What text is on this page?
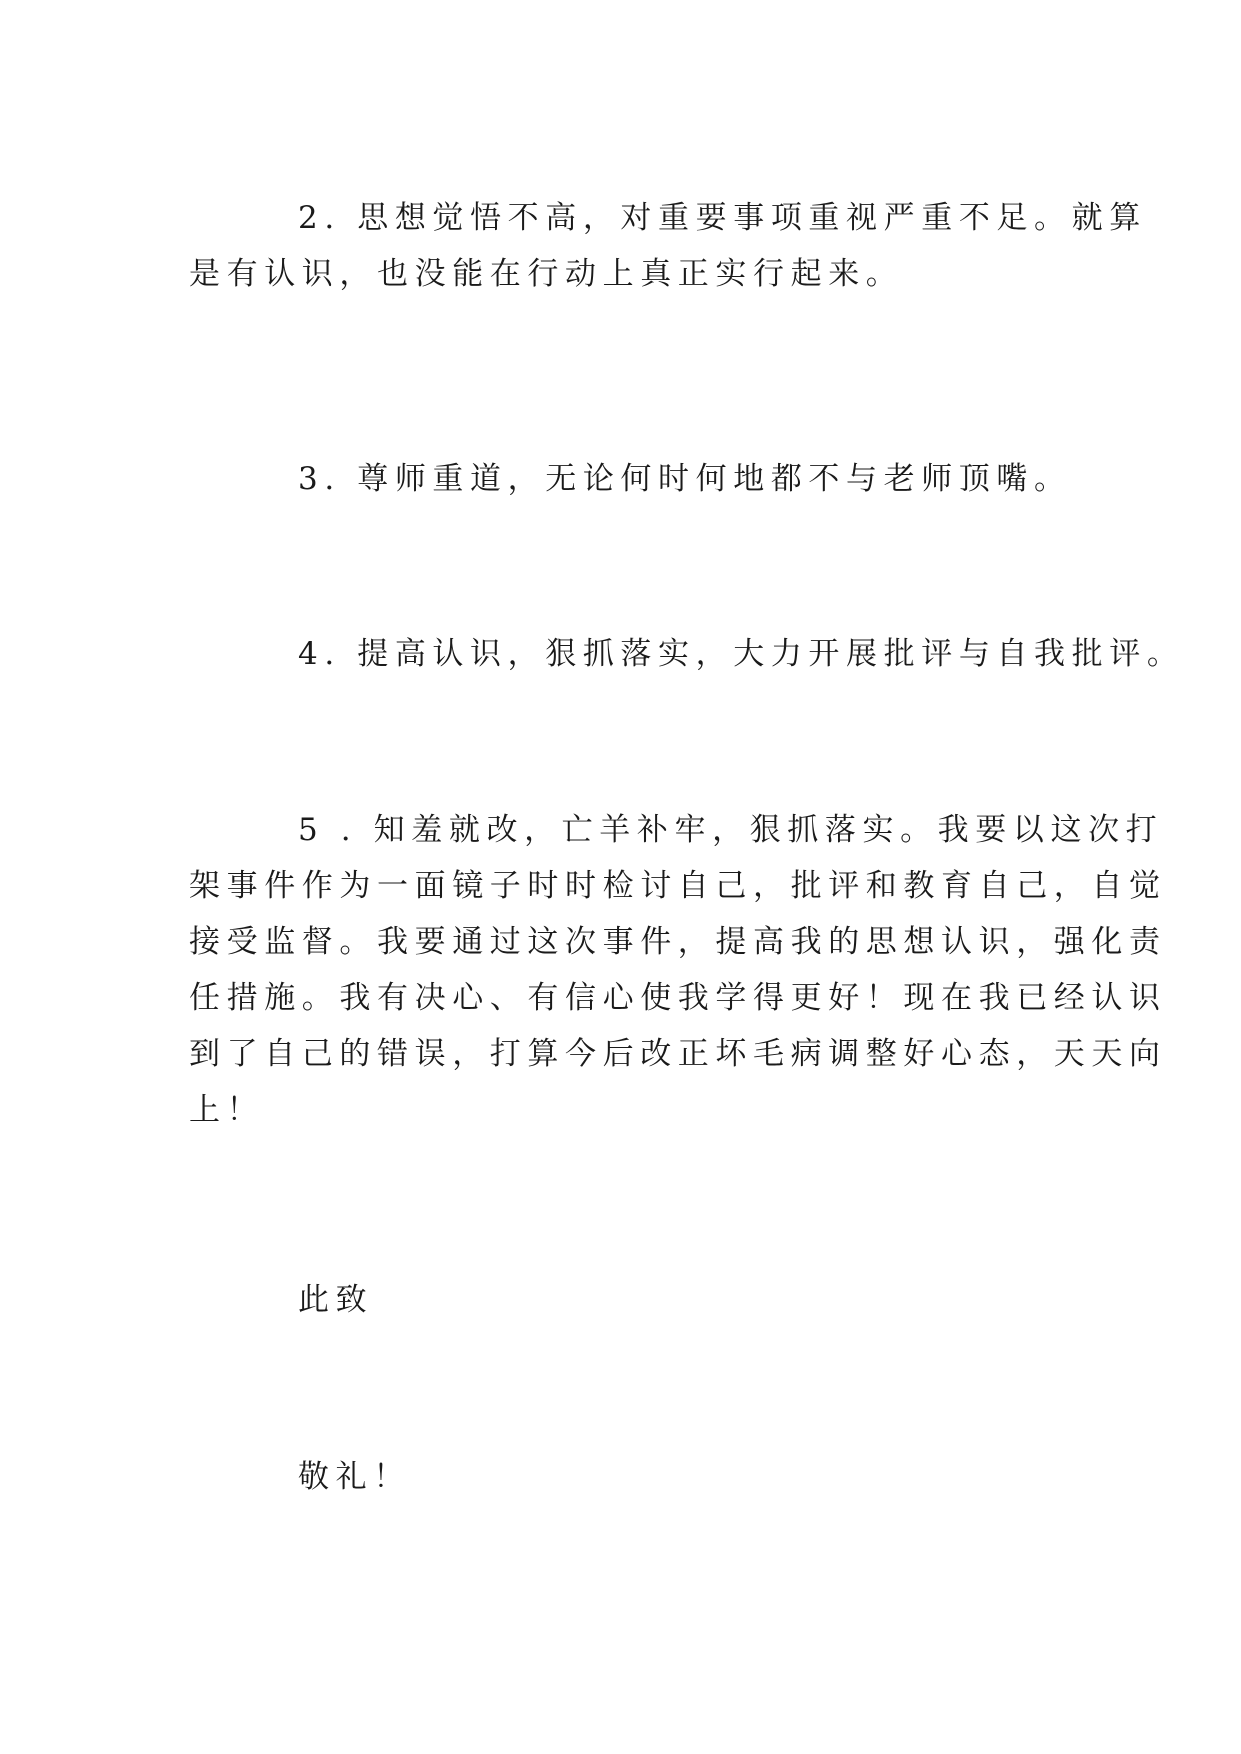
2. 思想觉悟不高，对重要事项重视严重不足。就算

是有认识，也没能在行动上真正实行起来。

3. 尊师重道，无论何时何地都不与老师顶嘴。

4. 提高认识，狠抓落实，大力开展批评与自我批评。

5 . 知羞就改，亡羊补牢，狠抓落实。我要以这次打

架事件作为一面镜子时时检讨自己，批评和教育自己，自觉

接受监督。我要通过这次事件，提高我的思想认识，强化责

任措施。我有决心、有信心使我学得更好！现在我已经认识

到了自己的错误，打算今后改正坏毛病调整好心态，天天向

上！

此致

敬礼！
